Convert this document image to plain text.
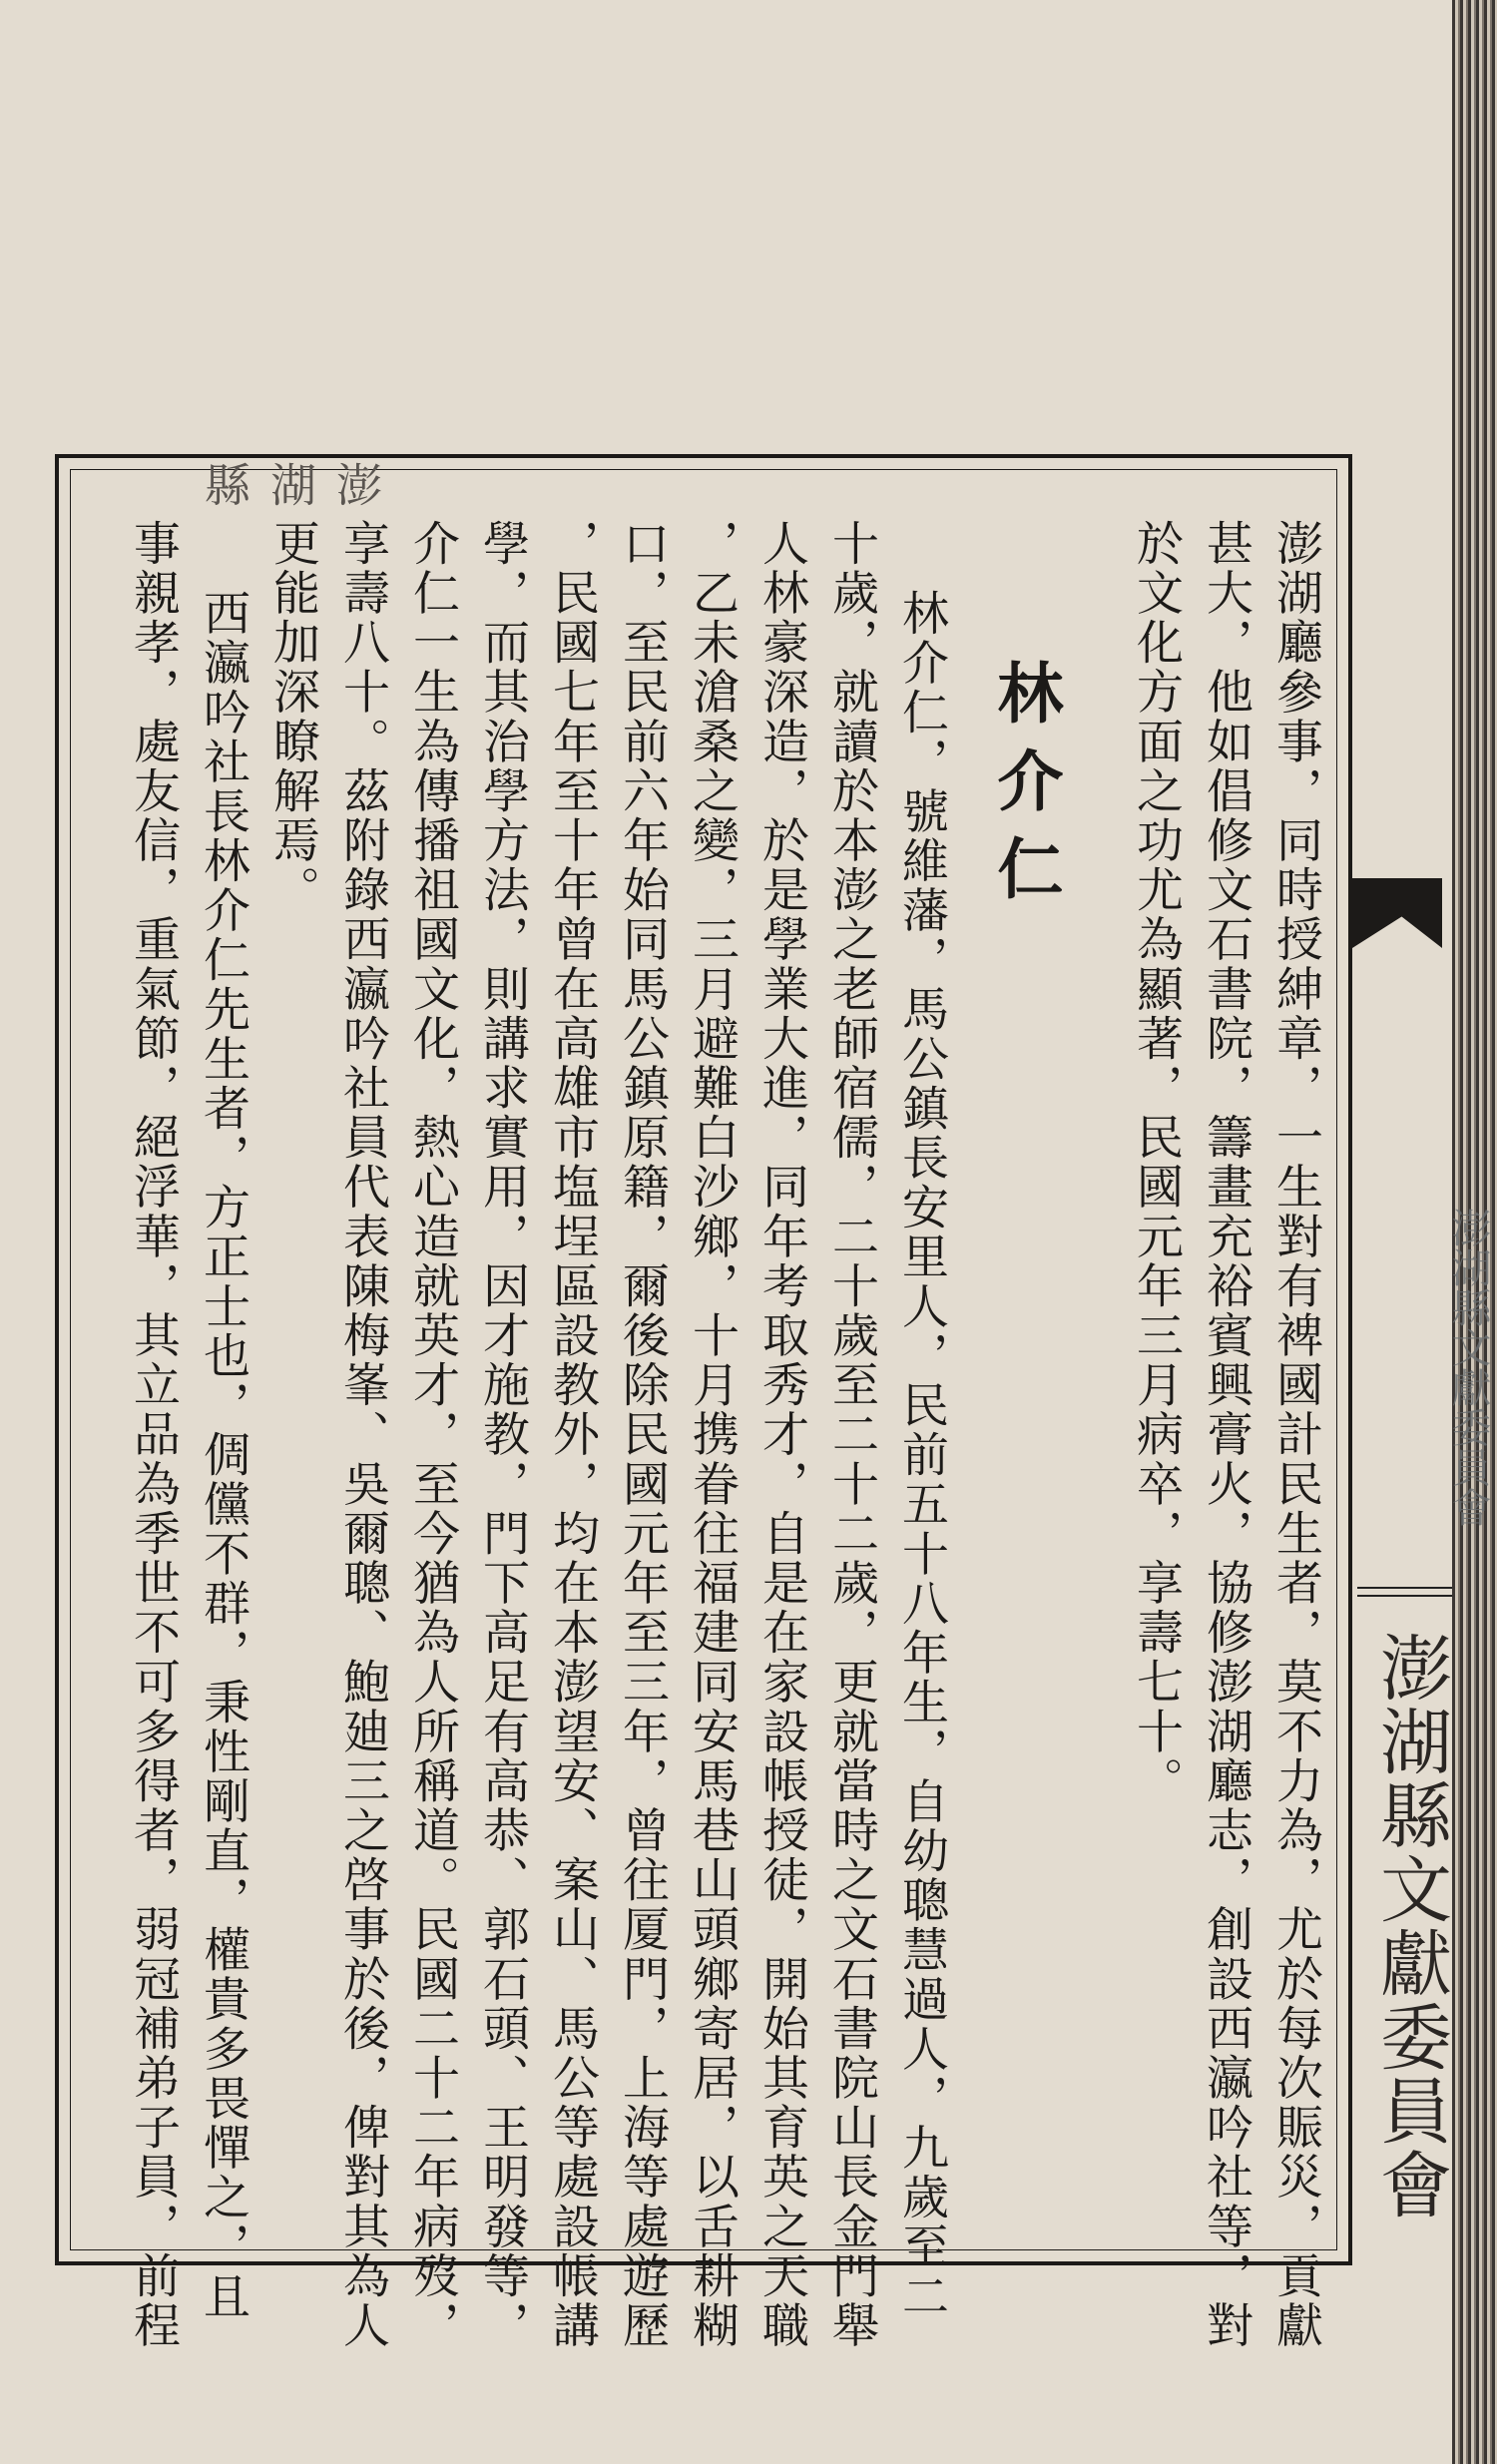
澎湖縣文獻委員會
澎湖縣文獻委員會
澎湖縣
林介仁	澎湖廳參事，同時授紳章，一生對有裨國計民生者，莫不力為，尤於每次賑災，貢獻
甚大，他如倡修文石書院，籌畫充裕賓興膏火，協修澎湖廳志，創設西瀛吟社等，對
於文化方面之功尤為顯著，民國元年三月病卒，享壽七十。
林介仁，號維藩，馬公鎮長安里人，民前五十八年生，自幼聰慧過人，九歲至二
十歲，就讀於本澎之老師宿儒，二十歲至二十二歲，更就當時之文石書院山長金門舉
人林豪深造，於是學業大進，同年考取秀才，自是在家設帳授徒，開始其育英之天職
，乙未滄桑之變，三月避難白沙鄉，十月携眷往福建同安馬巷山頭鄉寄居，以舌耕糊
口，至民前六年始同馬公鎮原籍，爾後除民國元年至三年，曾往厦門，上海等處遊歷
，民國七年至十年曾在高雄市塩埕區設教外，均在本澎望安、案山、馬公等處設帳講
學，而其治學方法，則講求實用，因才施教，門下高足有高恭、郭石頭、王明發等，
介仁一生為傳播祖國文化，熱心造就英才，至今猶為人所稱道。民國二十二年病歿，
享壽八十。茲附錄西瀛吟社員代表陳梅峯、吳爾聰、鮑廸三之啓事於後，俾對其為人
更能加深瞭解焉。
西瀛吟社長林介仁先生者，方正士也，倜儻不群，秉性剛直，權貴多畏憚之，且
事親孝，處友信，重氣節，絕浮華，其立品為季世不可多得者，弱冠補弟子員，前程
